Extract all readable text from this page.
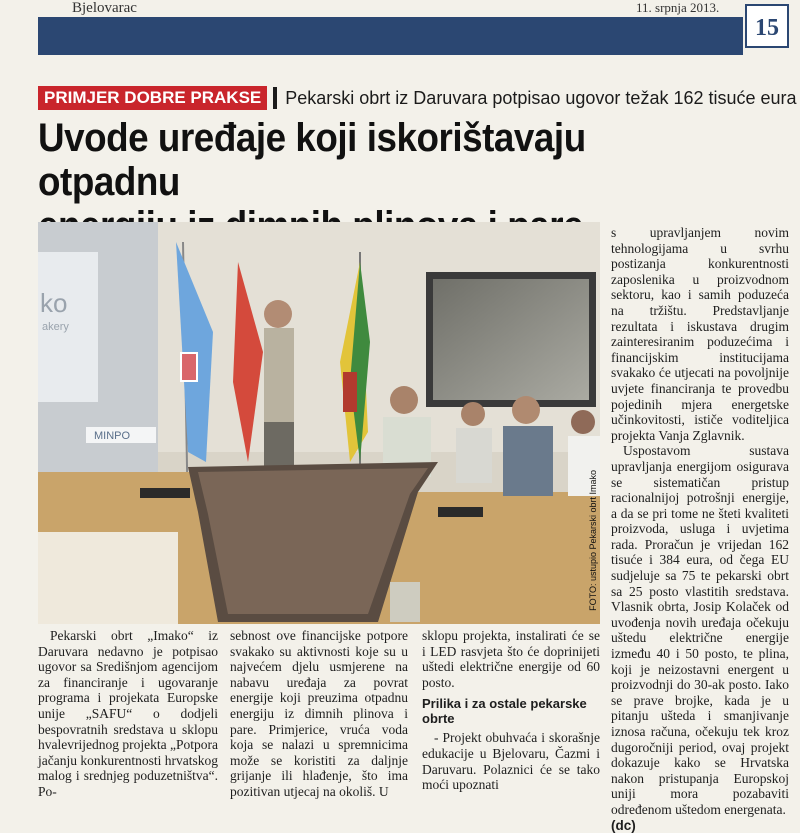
Bjelovarac	11. srpnja 2013.
15
PRIMJER DOBRE PRAKSE	Pekarski obrt iz Daruvara potpisao ugovor težak 162 tisuće eura
Uvode uređaje koji iskorištavaju otpadnu
ko
akery
MINPO
FOTO: ustupio Pekarski obrt Imako

Pekarski obrt „Imako“ iz Daruvara nedavno je potpisao ugovor sa Središnjom agencijom za financiranje i ugovaranje programa i projekata Europske unije „SAFU“ o dodjeli bespovratnih sredstava u sklopu hvalevrijednog projekta „Potpora jačanju konkurentnosti hrvatskog malog i srednjeg poduzetništva“. Po-

sebnost ove financijske potpore svakako su aktivnosti koje su u najvećem djelu usmjerene na nabavu uređaja za povrat energije koji preuzima otpadnu energiju iz dimnih plinova i pare. Primjerice, vruća voda koja se nalazi u spremnicima može se koristiti za daljnje grijanje ili hlađenje, što ima pozitivan utjecaj na okoliš. U

sklopu projekta, instalirati će se i LED rasvjeta što će doprinijeti uštedi električne energije od 60 posto.

Prilika i za ostale pekarske obrte

- Projekt obuhvaća i skorašnje edukacije u Bjelovaru, Čazmi i Daruvaru. Polaznici će se tako moći upoznati

s upravljanjem novim tehnologijama u svrhu postizanja konkurentnosti zaposlenika u proizvodnom sektoru, kao i samih poduzeća na tržištu. Predstavljanje rezultata i iskustava drugim zainteresiranim poduzećima i financijskim institucijama svakako će utjecati na povoljnije uvjete financiranja te provedbu pojedinih mjera energetske učinkovitosti, ističe voditeljica projekta Vanja Zglavnik.

Uspostavom sustava upravljanja energijom osigurava se sistematičan pristup racionalnijoj potrošnji energije, a da se pri tome ne šteti kvaliteti proizvoda, usluga i uvjetima rada. Proračun je vrijedan 162 tisuće i 384 eura, od čega EU sudjeluje sa 75 te pekarski obrt sa 25 posto vlastitih sredstava. Vlasnik obrta, Josip Kolaček od uvođenja novih uređaja očekuju uštedu električne energije između 40 i 50 posto, te plina, koji je neizostavni energent u proizvodnji do 30-ak posto. Iako se prave brojke, kada je u pitanju ušteda i smanjivanje iznosa računa, očekuju tek kroz dugoročniji period, ovaj projekt dokazuje kako se Hrvatska nakon pristupanja Europskoj uniji mora pozabaviti određenom uštedom energenata.

(dc)
